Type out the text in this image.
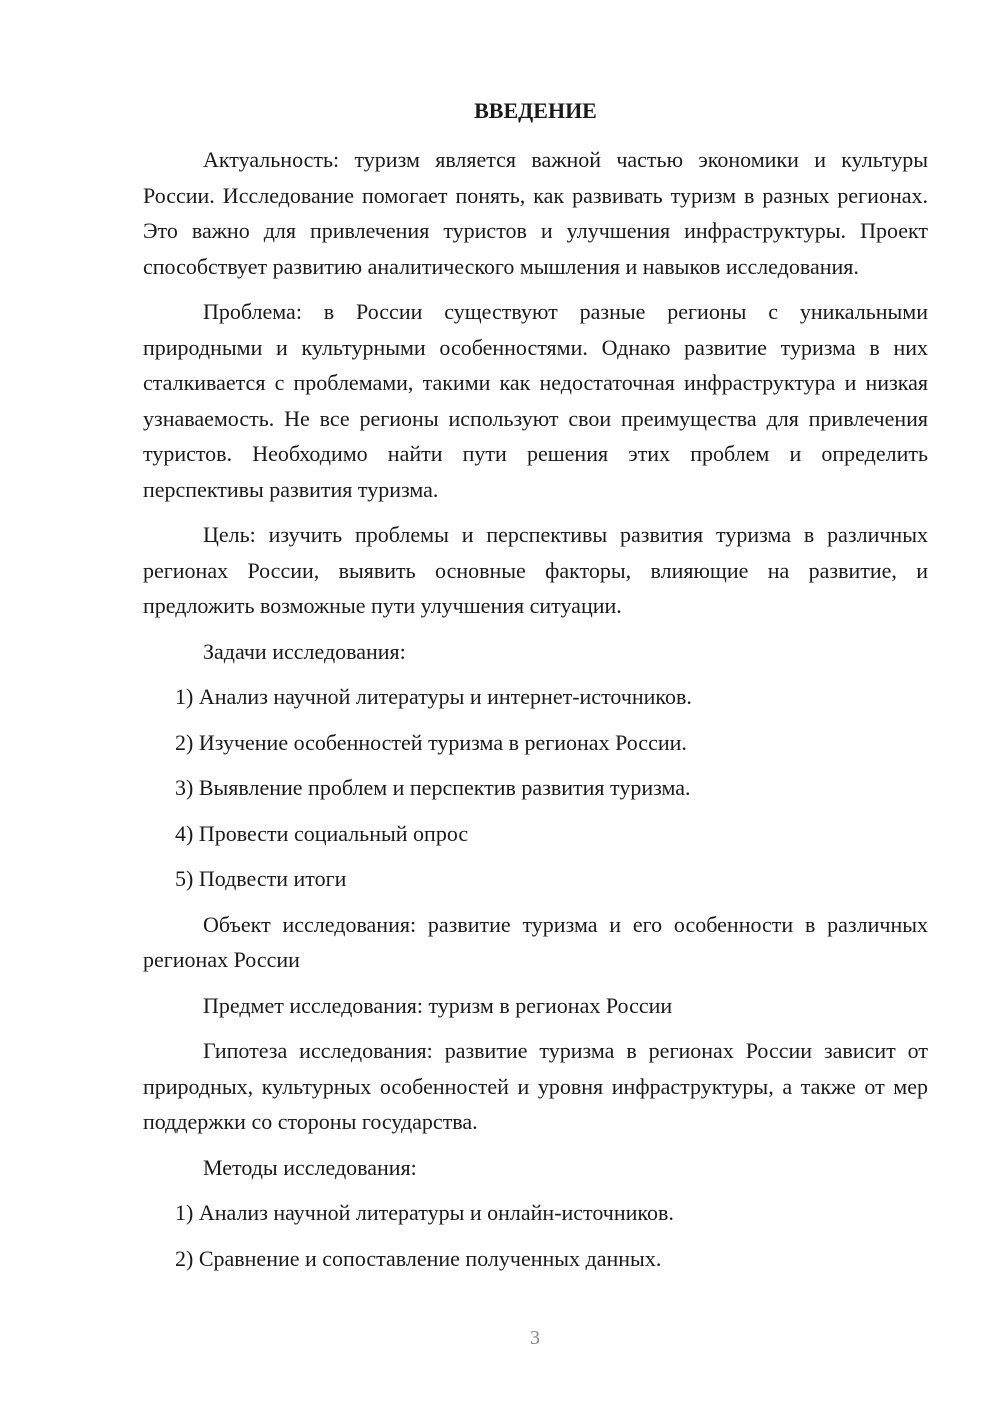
ВВЕДЕНИЕ

Актуальность: туризм является важной частью экономики и культуры России. Исследование помогает понять, как развивать туризм в разных регионах. Это важно для привлечения туристов и улучшения инфраструктуры. Проект способствует развитию аналитического мышления и навыков исследования.

Проблема: в России существуют разные регионы с уникальными природными и культурными особенностями. Однако развитие туризма в них сталкивается с проблемами, такими как недостаточная инфраструктура и низкая узнаваемость. Не все регионы используют свои преимущества для привлечения туристов. Необходимо найти пути решения этих проблем и определить перспективы развития туризма.

Цель: изучить проблемы и перспективы развития туризма в различных регионах России, выявить основные факторы, влияющие на развитие, и предложить возможные пути улучшения ситуации.

Задачи исследования:

1) Анализ научной литературы и интернет-источников.
2) Изучение особенностей туризма в регионах России.
3) Выявление проблем и перспектив развития туризма.
4) Провести социальный опрос
5) Подвести итоги

Объект исследования: развитие туризма и его особенности в различных регионах России

Предмет исследования: туризм в регионах России

Гипотеза исследования: развитие туризма в регионах России зависит от природных, культурных особенностей и уровня инфраструктуры, а также от мер поддержки со стороны государства.

Методы исследования:

1) Анализ научной литературы и онлайн-источников.
2) Сравнение и сопоставление полученных данных.
3
